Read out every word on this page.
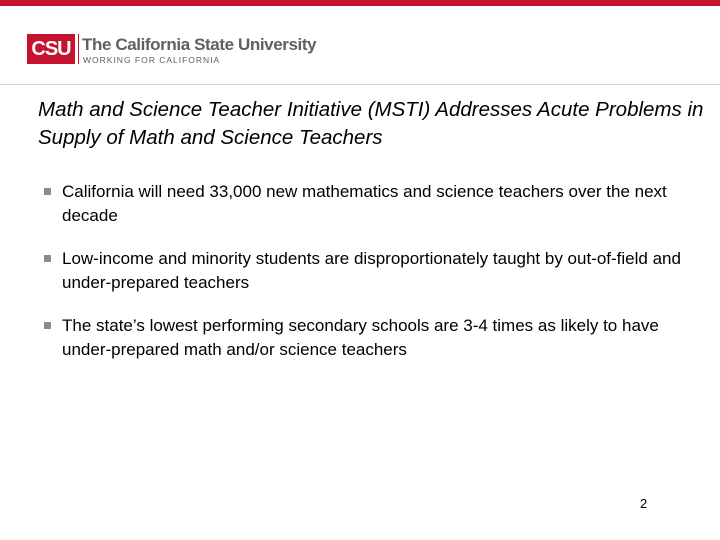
CSU The California State University
WORKING FOR CALIFORNIA
Math and Science Teacher Initiative (MSTI) Addresses Acute Problems in Supply of Math and Science Teachers
California will need 33,000 new mathematics and science teachers over the next decade
Low-income and minority students are disproportionately taught by out-of-field and under-prepared teachers
The state’s lowest performing secondary schools are 3-4 times as likely to have under-prepared math and/or science teachers
2
